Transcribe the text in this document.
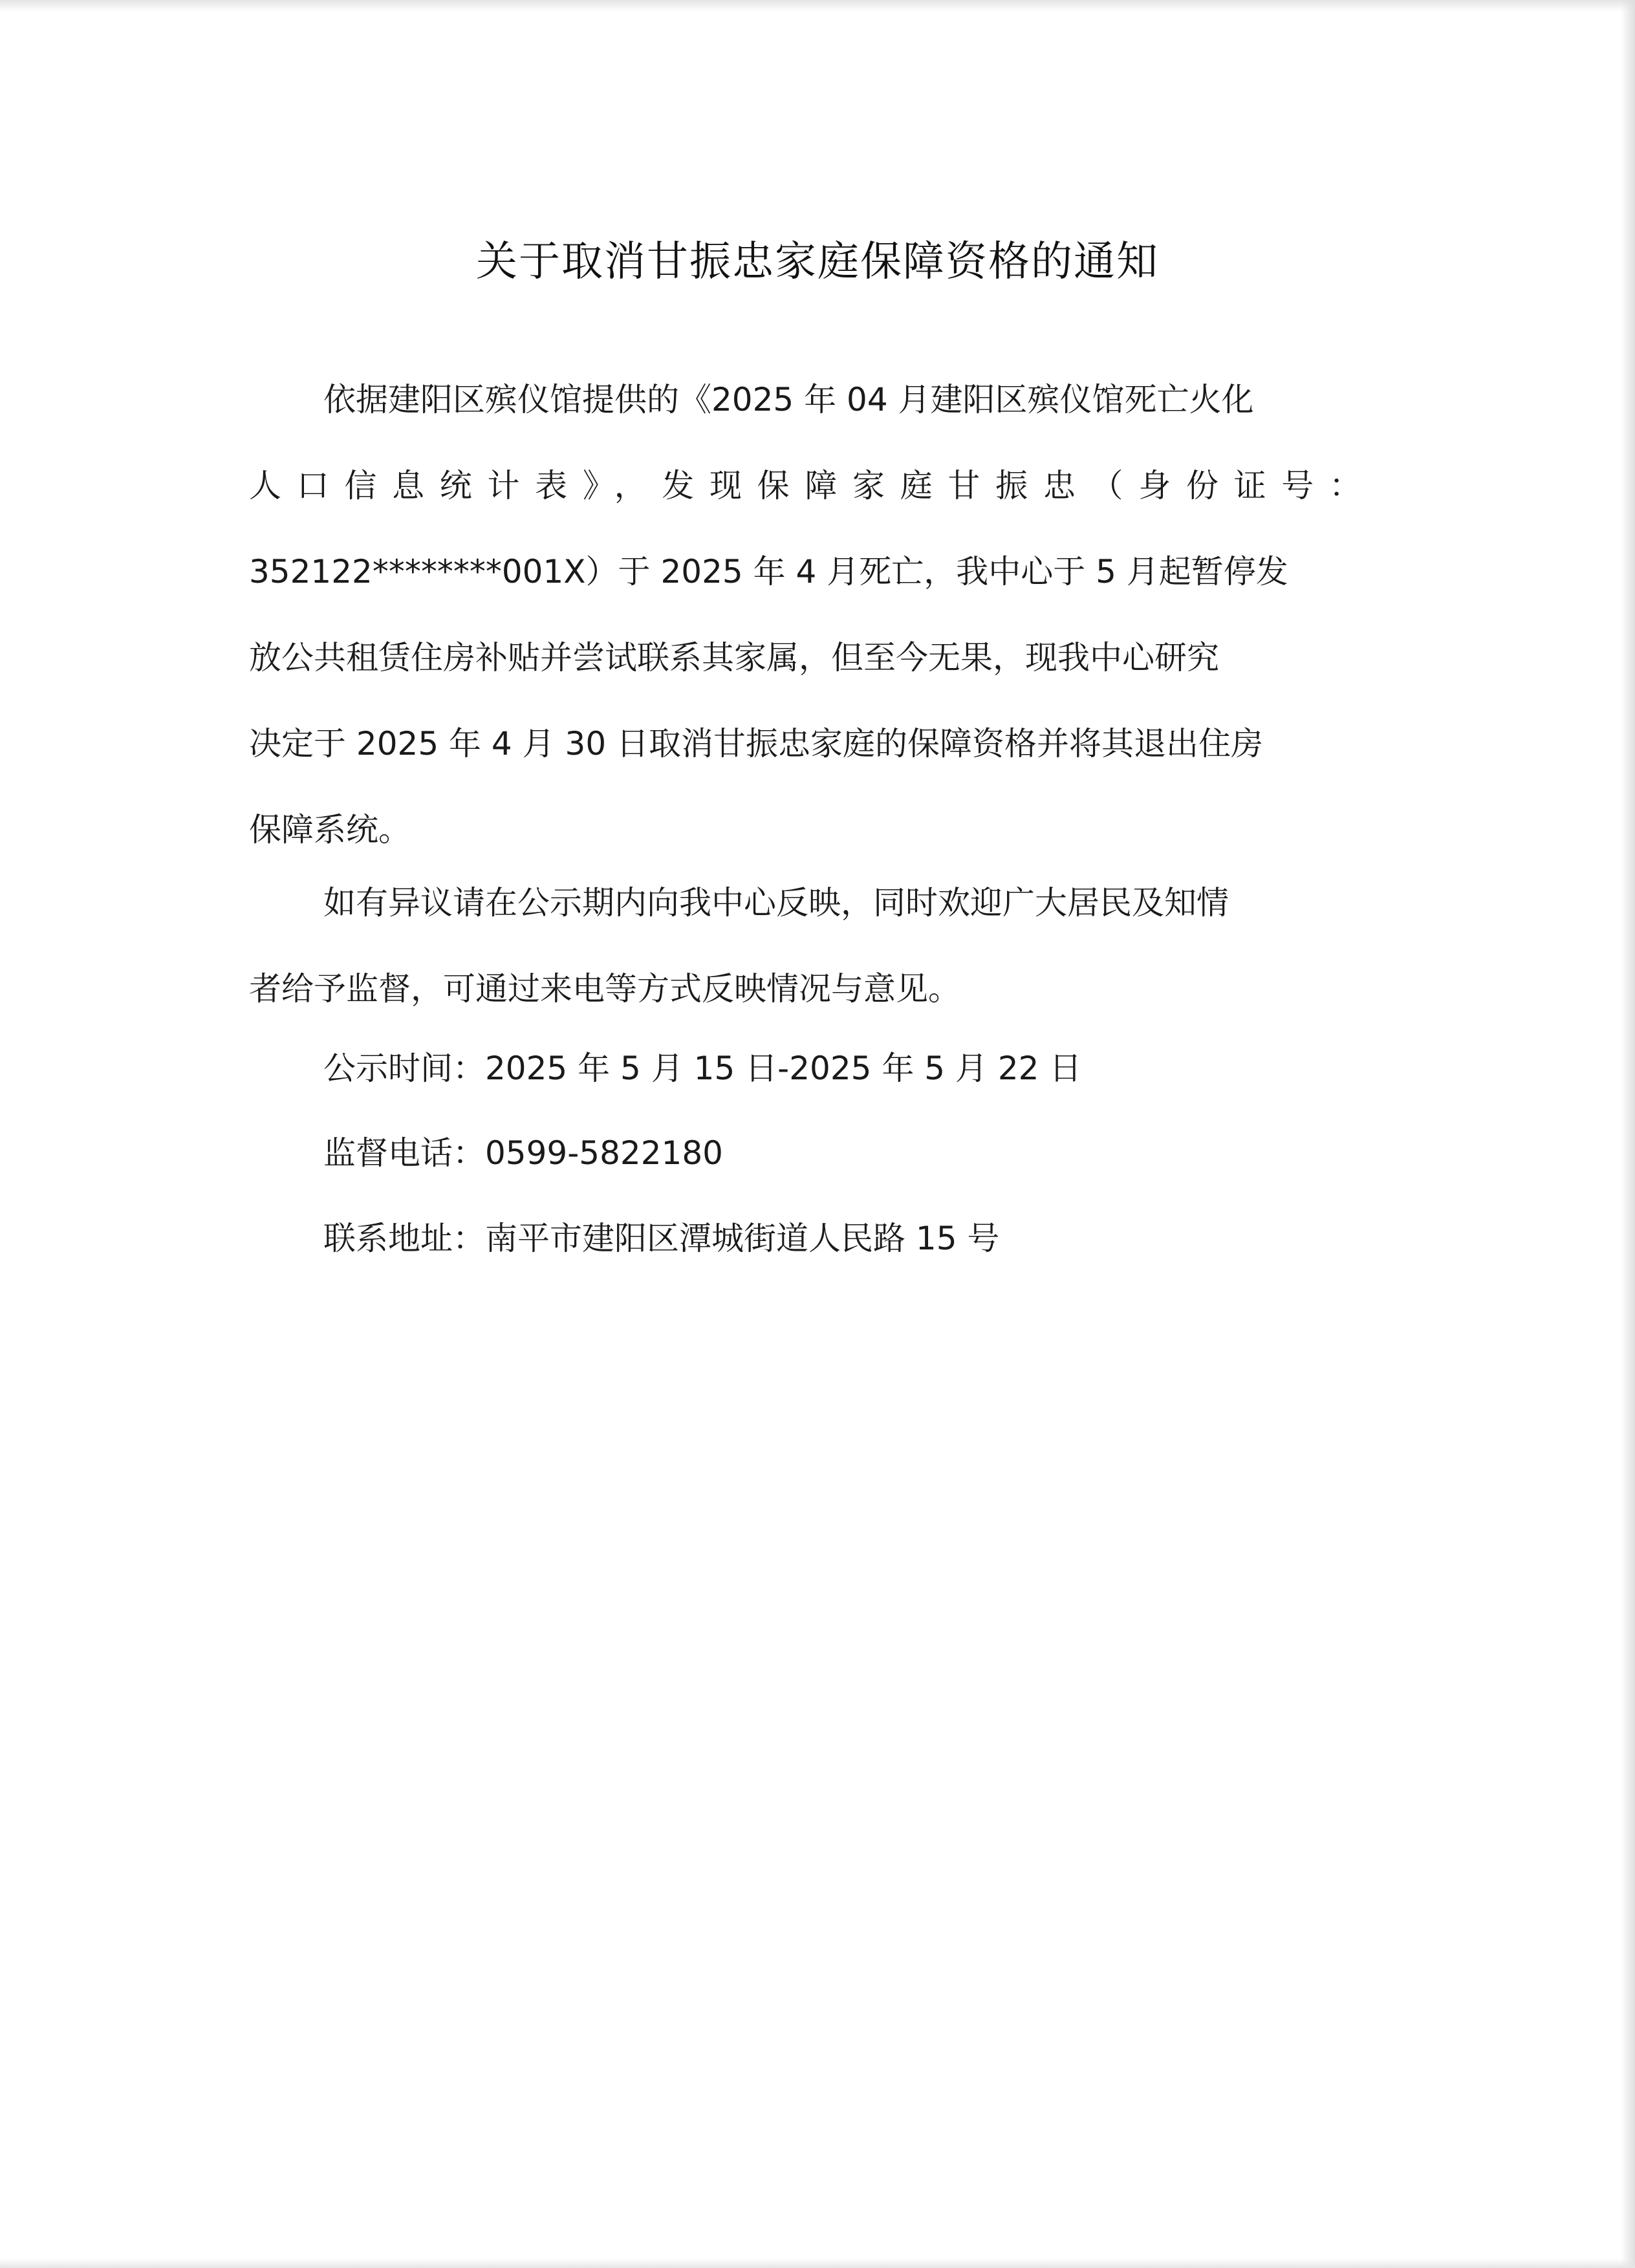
关于取消甘振忠家庭保障资格的通知
依据建阳区殡仪馆提供的《2025 年 04 月建阳区殡仪馆死亡火化
人口信息统计表》，发现保障家庭甘振忠（身份证号：
352122********001X）于 2025 年 4 月死亡，我中心于 5 月起暂停发
放公共租赁住房补贴并尝试联系其家属，但至今无果，现我中心研究
决定于 2025 年 4 月 30 日取消甘振忠家庭的保障资格并将其退出住房
保障系统。
如有异议请在公示期内向我中心反映，同时欢迎广大居民及知情
者给予监督，可通过来电等方式反映情况与意见。
公示时间：2025 年 5 月 15 日-2025 年 5 月 22 日
监督电话：0599-5822180
联系地址：南平市建阳区潭城街道人民路 15 号
